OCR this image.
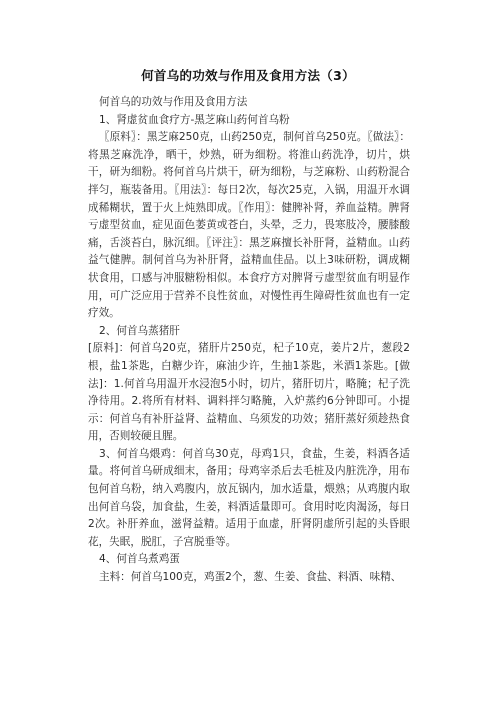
何首乌的功效与作用及食用方法（3）

何首乌的功效与作用及食用方法

1、肾虚贫血食疗方-黑芝麻山药何首乌粉

〖原料〗：黑芝麻250克，山药250克，制何首乌250克。〖做法〗：将黑芝麻洗净，晒干，炒熟，研为细粉。将淮山药洗净，切片，烘干，研为细粉。将何首乌片烘干，研为细粉，与芝麻粉、山药粉混合拌匀，瓶装备用。〖用法〗：每日2次，每次25克，入锅，用温开水调成稀糊状，置于火上炖熟即成。〖作用〗：健脾补肾，养血益精。脾肾亏虚型贫血，症见面色萎黄或苍白，头晕，乏力，畏寒肢冷，腰膝酸痛，舌淡苔白，脉沉细。〖评注〗：黑芝麻擅长补肝肾，益精血。山药益气健脾。制何首乌为补肝肾，益精血佳品。以上3味研粉，调成糊状食用，口感与冲服糖粉相似。本食疗方对脾肾亏虚型贫血有明显作用，可广泛应用于营养不良性贫血，对慢性再生障碍性贫血也有一定疗效。

2、何首乌蒸猪肝

[原料]：何首乌20克，猪肝片250克，杞子10克，姜片2片，葱段2根，盐1茶匙，白糖少许，麻油少许，生抽1茶匙，米酒1茶匙。[做法]：1.何首乌用温开水浸泡5小时，切片，猪肝切片，略腌；杞子洗净待用。2.将所有材料、调料拌匀略腌，入炉蒸约6分钟即可。小提示：何首乌有补肝益肾、益精血、乌须发的功效；猪肝蒸好须趁热食用，否则较硬且腥。

3、何首乌煨鸡：何首乌30克，母鸡1只，食盐，生姜，料酒各适量。将何首乌研成细末，备用；母鸡宰杀后去毛桩及内脏洗净，用布包何首乌粉，纳入鸡腹内，放瓦锅内，加水适量，煨熟；从鸡腹内取出何首乌袋，加食盐，生姜，料酒适量即可。食用时吃肉渴汤，每日2次。补肝养血，滋肾益精。适用于血虚，肝肾阴虚所引起的头昏眼花，失眠，脱肛，子宫脱垂等。

4、何首乌煮鸡蛋

主料：何首乌100克，鸡蛋2个，葱、生姜、食盐、料酒、味精、
